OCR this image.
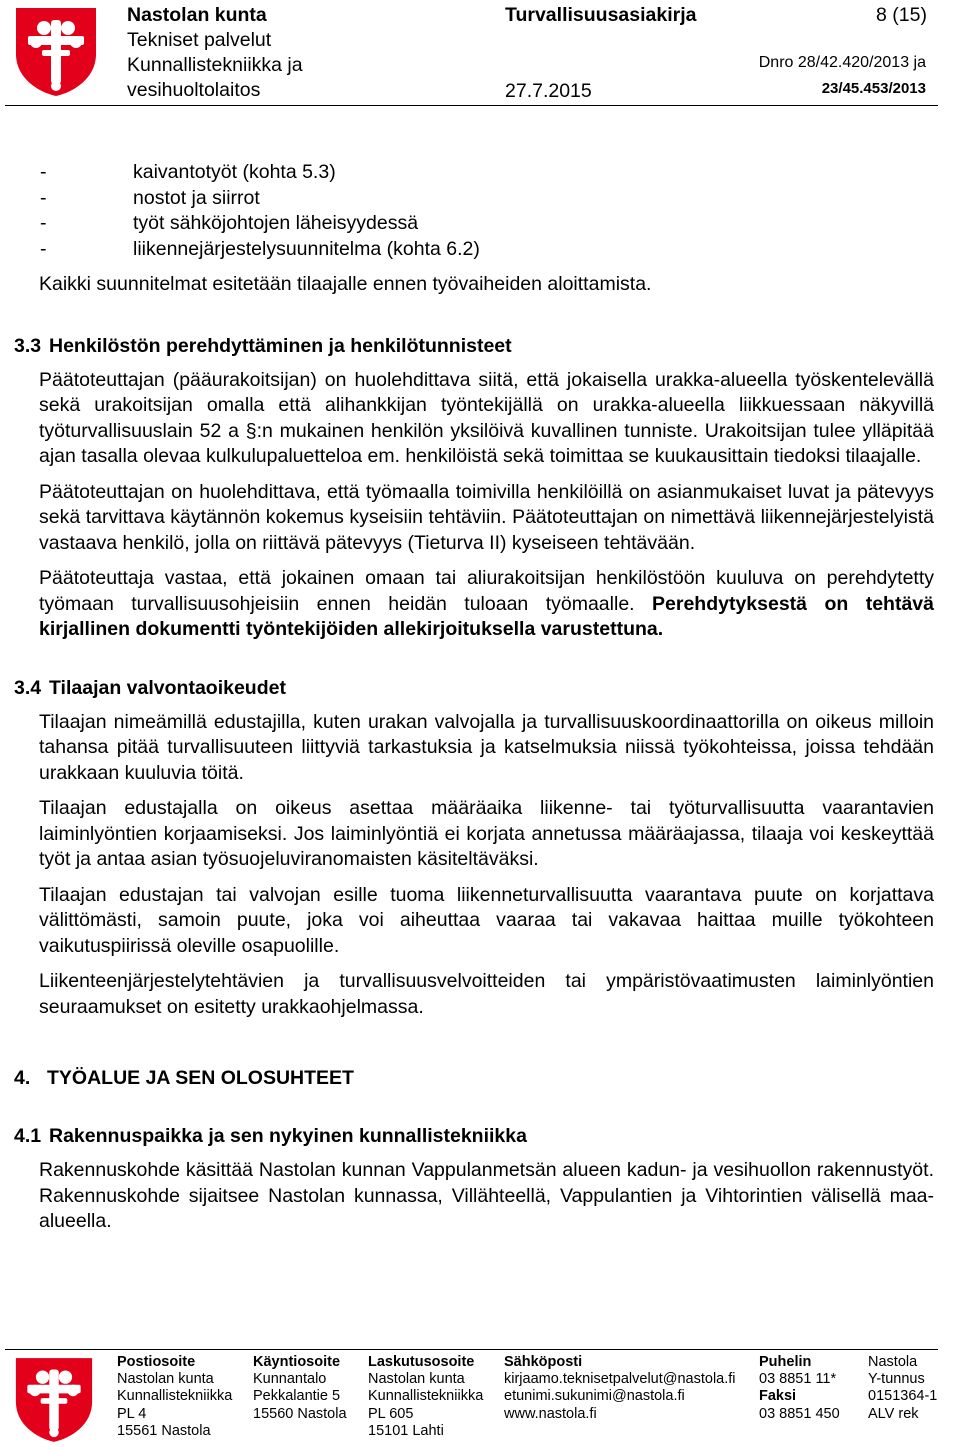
Nastolan kunta
Tekniset palvelut
Kunnallistekniikka ja
vesihuoltolaitos
Turvallisuusasiakirja
27.7.2015
8 (15)
Dnro 28/42.420/2013 ja
23/45.453/2013
-	kaivantotyöt (kohta 5.3)
-	nostot ja siirrot
-	työt sähköjohtojen läheisyydessä
-	liikennejärjestelysuunnitelma (kohta 6.2)

Kaikki suunnitelmat esitetään tilaajalle ennen työvaiheiden aloittamista.

3.3 Henkilöstön perehdyttäminen ja henkilötunnisteet

Päätoteuttajan (pääurakoitsijan) on huolehdittava siitä, että jokaisella urakka-alueella työskentelevällä sekä urakoitsijan omalla että alihankkijan työntekijällä on urakka-alueella liikkuessaan näkyvillä työturvallisuuslain 52 a §:n mukainen henkilön yksilöivä kuvallinen tunniste. Urakoitsijan tulee ylläpitää ajan tasalla olevaa kulkulupaluetteloa em. henkilöistä sekä toimittaa se kuukausittain tiedoksi tilaajalle.

Päätoteuttajan on huolehdittava, että työmaalla toimivilla henkilöillä on asianmukaiset luvat ja pätevyys sekä tarvittava käytännön kokemus kyseisiin tehtäviin. Päätoteuttajan on nimettävä liikennejärjestelyistä vastaava henkilö, jolla on riittävä pätevyys (Tieturva II) kyseiseen tehtävään.

Päätoteuttaja vastaa, että jokainen omaan tai aliurakoitsijan henkilöstöön kuuluva on perehdytetty työmaan turvallisuusohjeisiin ennen heidän tuloaan työmaalle. Perehdytyksestä on tehtävä kirjallinen dokumentti työntekijöiden allekirjoituksella varustettuna.

3.4 Tilaajan valvontaoikeudet

Tilaajan nimeämillä edustajilla, kuten urakan valvojalla ja turvallisuuskoordinaattorilla on oikeus milloin tahansa pitää turvallisuuteen liittyviä tarkastuksia ja katselmuksia niissä työkohteissa, joissa tehdään urakkaan kuuluvia töitä.

Tilaajan edustajalla on oikeus asettaa määräaika liikenne- tai työturvallisuutta vaarantavien laiminlyöntien korjaamiseksi. Jos laiminlyöntiä ei korjata annetussa määräajassa, tilaaja voi keskeyttää työt ja antaa asian työsuojeluviranomaisten käsiteltäväksi.

Tilaajan edustajan tai valvojan esille tuoma liikenneturvallisuutta vaarantava puute on korjattava välittömästi, samoin puute, joka voi aiheuttaa vaaraa tai vakavaa haittaa muille työkohteen vaikutuspiirissä oleville osapuolille.

Liikenteenjärjestelytehtävien ja turvallisuusvelvoitteiden tai ympäristövaatimusten laiminlyöntien seuraamukset on esitetty urakkaohjelmassa.

4. TYÖALUE JA SEN OLOSUHTEET
4.1 Rakennuspaikka ja sen nykyinen kunnallistekniikka

Rakennuskohde käsittää Nastolan kunnan Vappulanmetsän alueen kadun- ja vesihuollon rakennustyöt. Rakennuskohde sijaitsee Nastolan kunnassa, Villähteellä, Vappulantien ja Vihtorintien välisellä maa-alueella.

Postiosoite
Nastolan kunta
Kunnallistekniikka
PL 4
15561 Nastola
Käyntiosoite
Kunnantalo
Pekkalantie 5
15560 Nastola
Laskutusosoite
Nastolan kunta
Kunnallistekniikka
PL 605
15101 Lahti
Sähköposti
kirjaamo.teknisetpalvelut@nastola.fi
etunimi.sukunimi@nastola.fi
www.nastola.fi
Puhelin
03 8851 11*
Faksi
03 8851 450
Nastola
Y-tunnus
0151364-1
ALV rek
